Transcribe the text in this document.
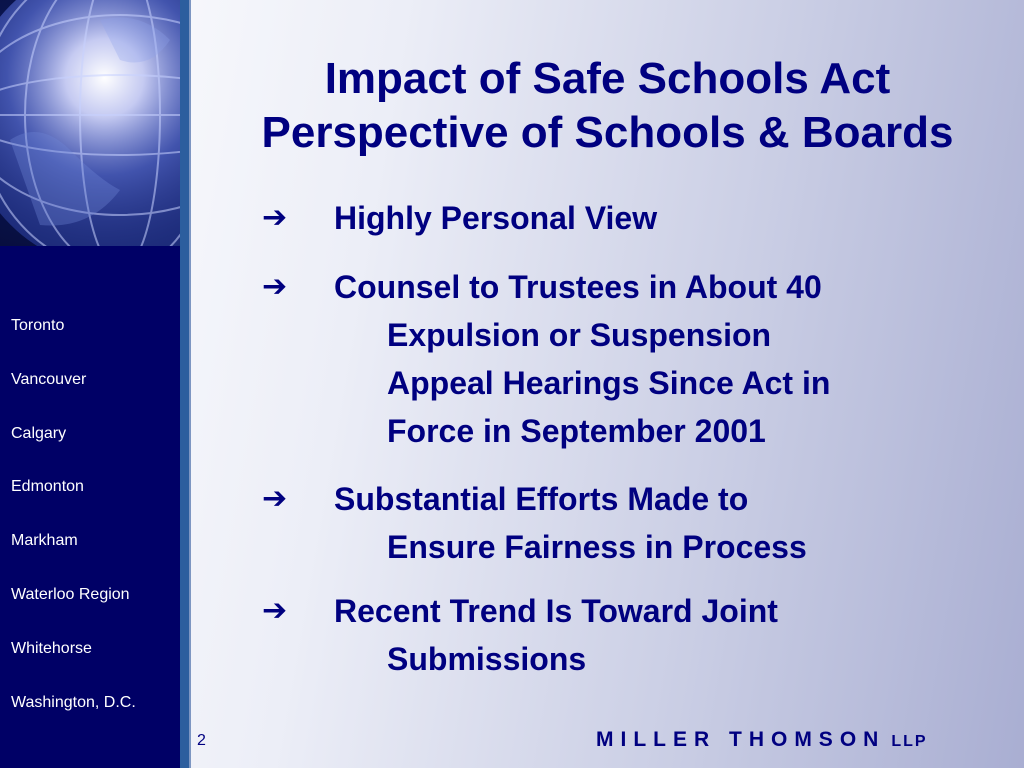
Toronto
Vancouver
Calgary
Edmonton
Markham
Waterloo Region
Whitehorse
Washington, D.C.
Impact of Safe Schools Act
Perspective of Schools & Boards
➔ Highly Personal View
➔ Counsel to Trustees in About 40
Expulsion or Suspension
Appeal Hearings Since Act in
Force in September 2001
➔ Substantial Efforts Made to
Ensure Fairness in Process
➔ Recent Trend Is Toward Joint
Submissions
2	MILLER THOMSON LLP
